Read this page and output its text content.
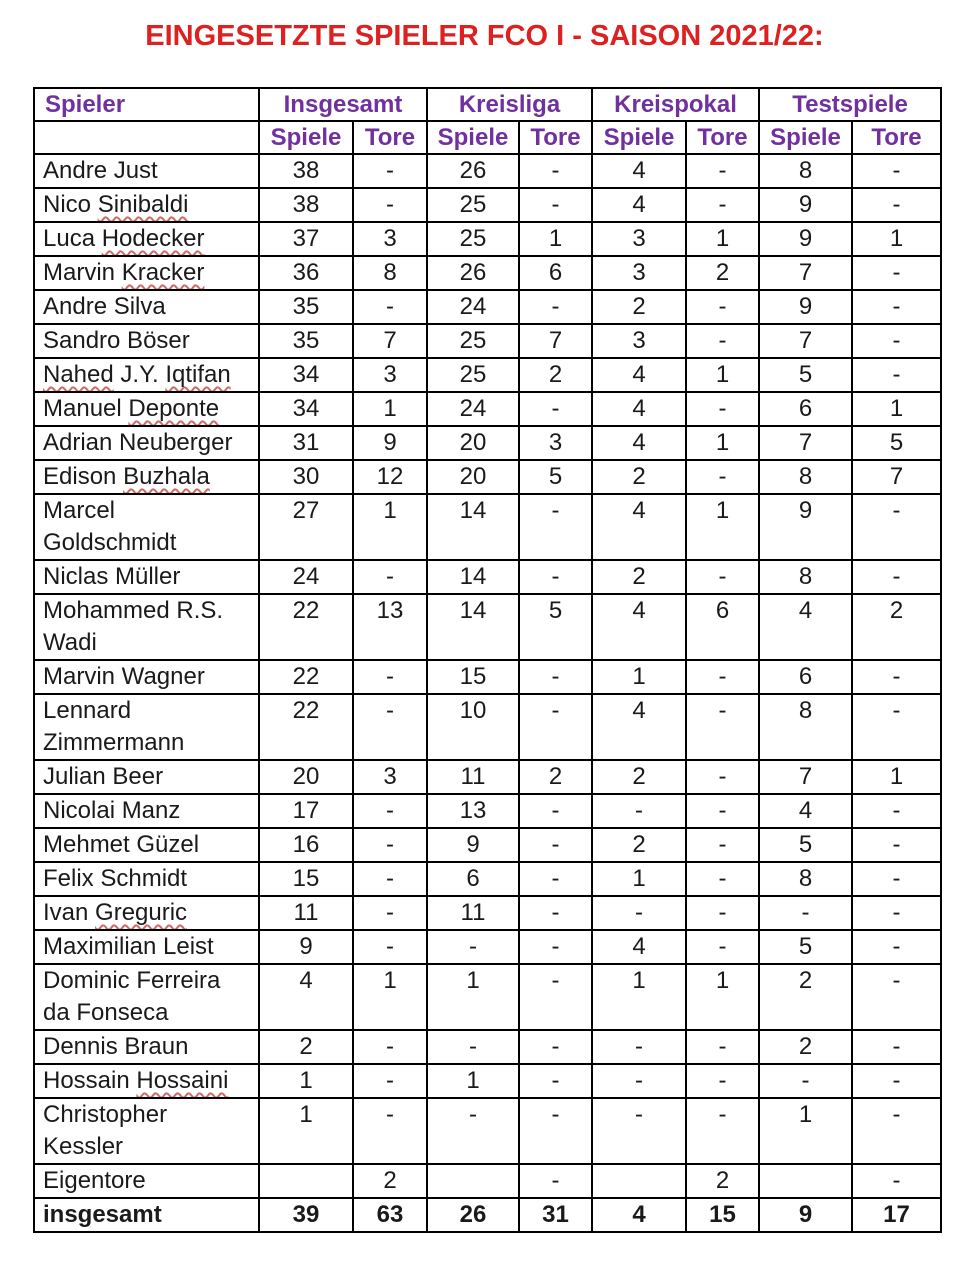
EINGESETZTE SPIELER FCO I - SAISON 2021/22:
Spieler	Insgesamt		Kreisliga		Kreispokal		Testspiele	
	Spiele	Tore	Spiele	Tore	Spiele	Tore	Spiele	Tore
Andre Just	38	-	26	-	4	-	8	-
Nico Sinibaldi	38	-	25	-	4	-	9	-
Luca Hodecker	37	3	25	1	3	1	9	1
Marvin Kracker	36	8	26	6	3	2	7	-
Andre Silva	35	-	24	-	2	-	9	-
Sandro Böser	35	7	25	7	3	-	7	-
Nahed J.Y. Iqtifan	34	3	25	2	4	1	5	-
Manuel Deponte	34	1	24	-	4	-	6	1
Adrian Neuberger	31	9	20	3	4	1	7	5
Edison Buzhala	30	12	20	5	2	-	8	7
Marcel
Goldschmidt	27	1	14	-	4	1	9	-
Niclas Müller	24	-	14	-	2	-	8	-
Mohammed R.S.
Wadi	22	13	14	5	4	6	4	2
Marvin Wagner	22	-	15	-	1	-	6	-
Lennard
Zimmermann	22	-	10	-	4	-	8	-
Julian Beer	20	3	11	2	2	-	7	1
Nicolai Manz	17	-	13	-	-	-	4	-
Mehmet Güzel	16	-	9	-	2	-	5	-
Felix Schmidt	15	-	6	-	1	-	8	-
Ivan Greguric	11	-	11	-	-	-	-	-
Maximilian Leist	9	-	-	-	4	-	5	-
Dominic Ferreira
da Fonseca	4	1	1	-	1	1	2	-
Dennis Braun	2	-	-	-	-	-	2	-
Hossain Hossaini	1	-	1	-	-	-	-	-
Christopher
Kessler	1	-	-	-	-	-	1	-
Eigentore		2		-		2		-
insgesamt	39	63	26	31	4	15	9	17
